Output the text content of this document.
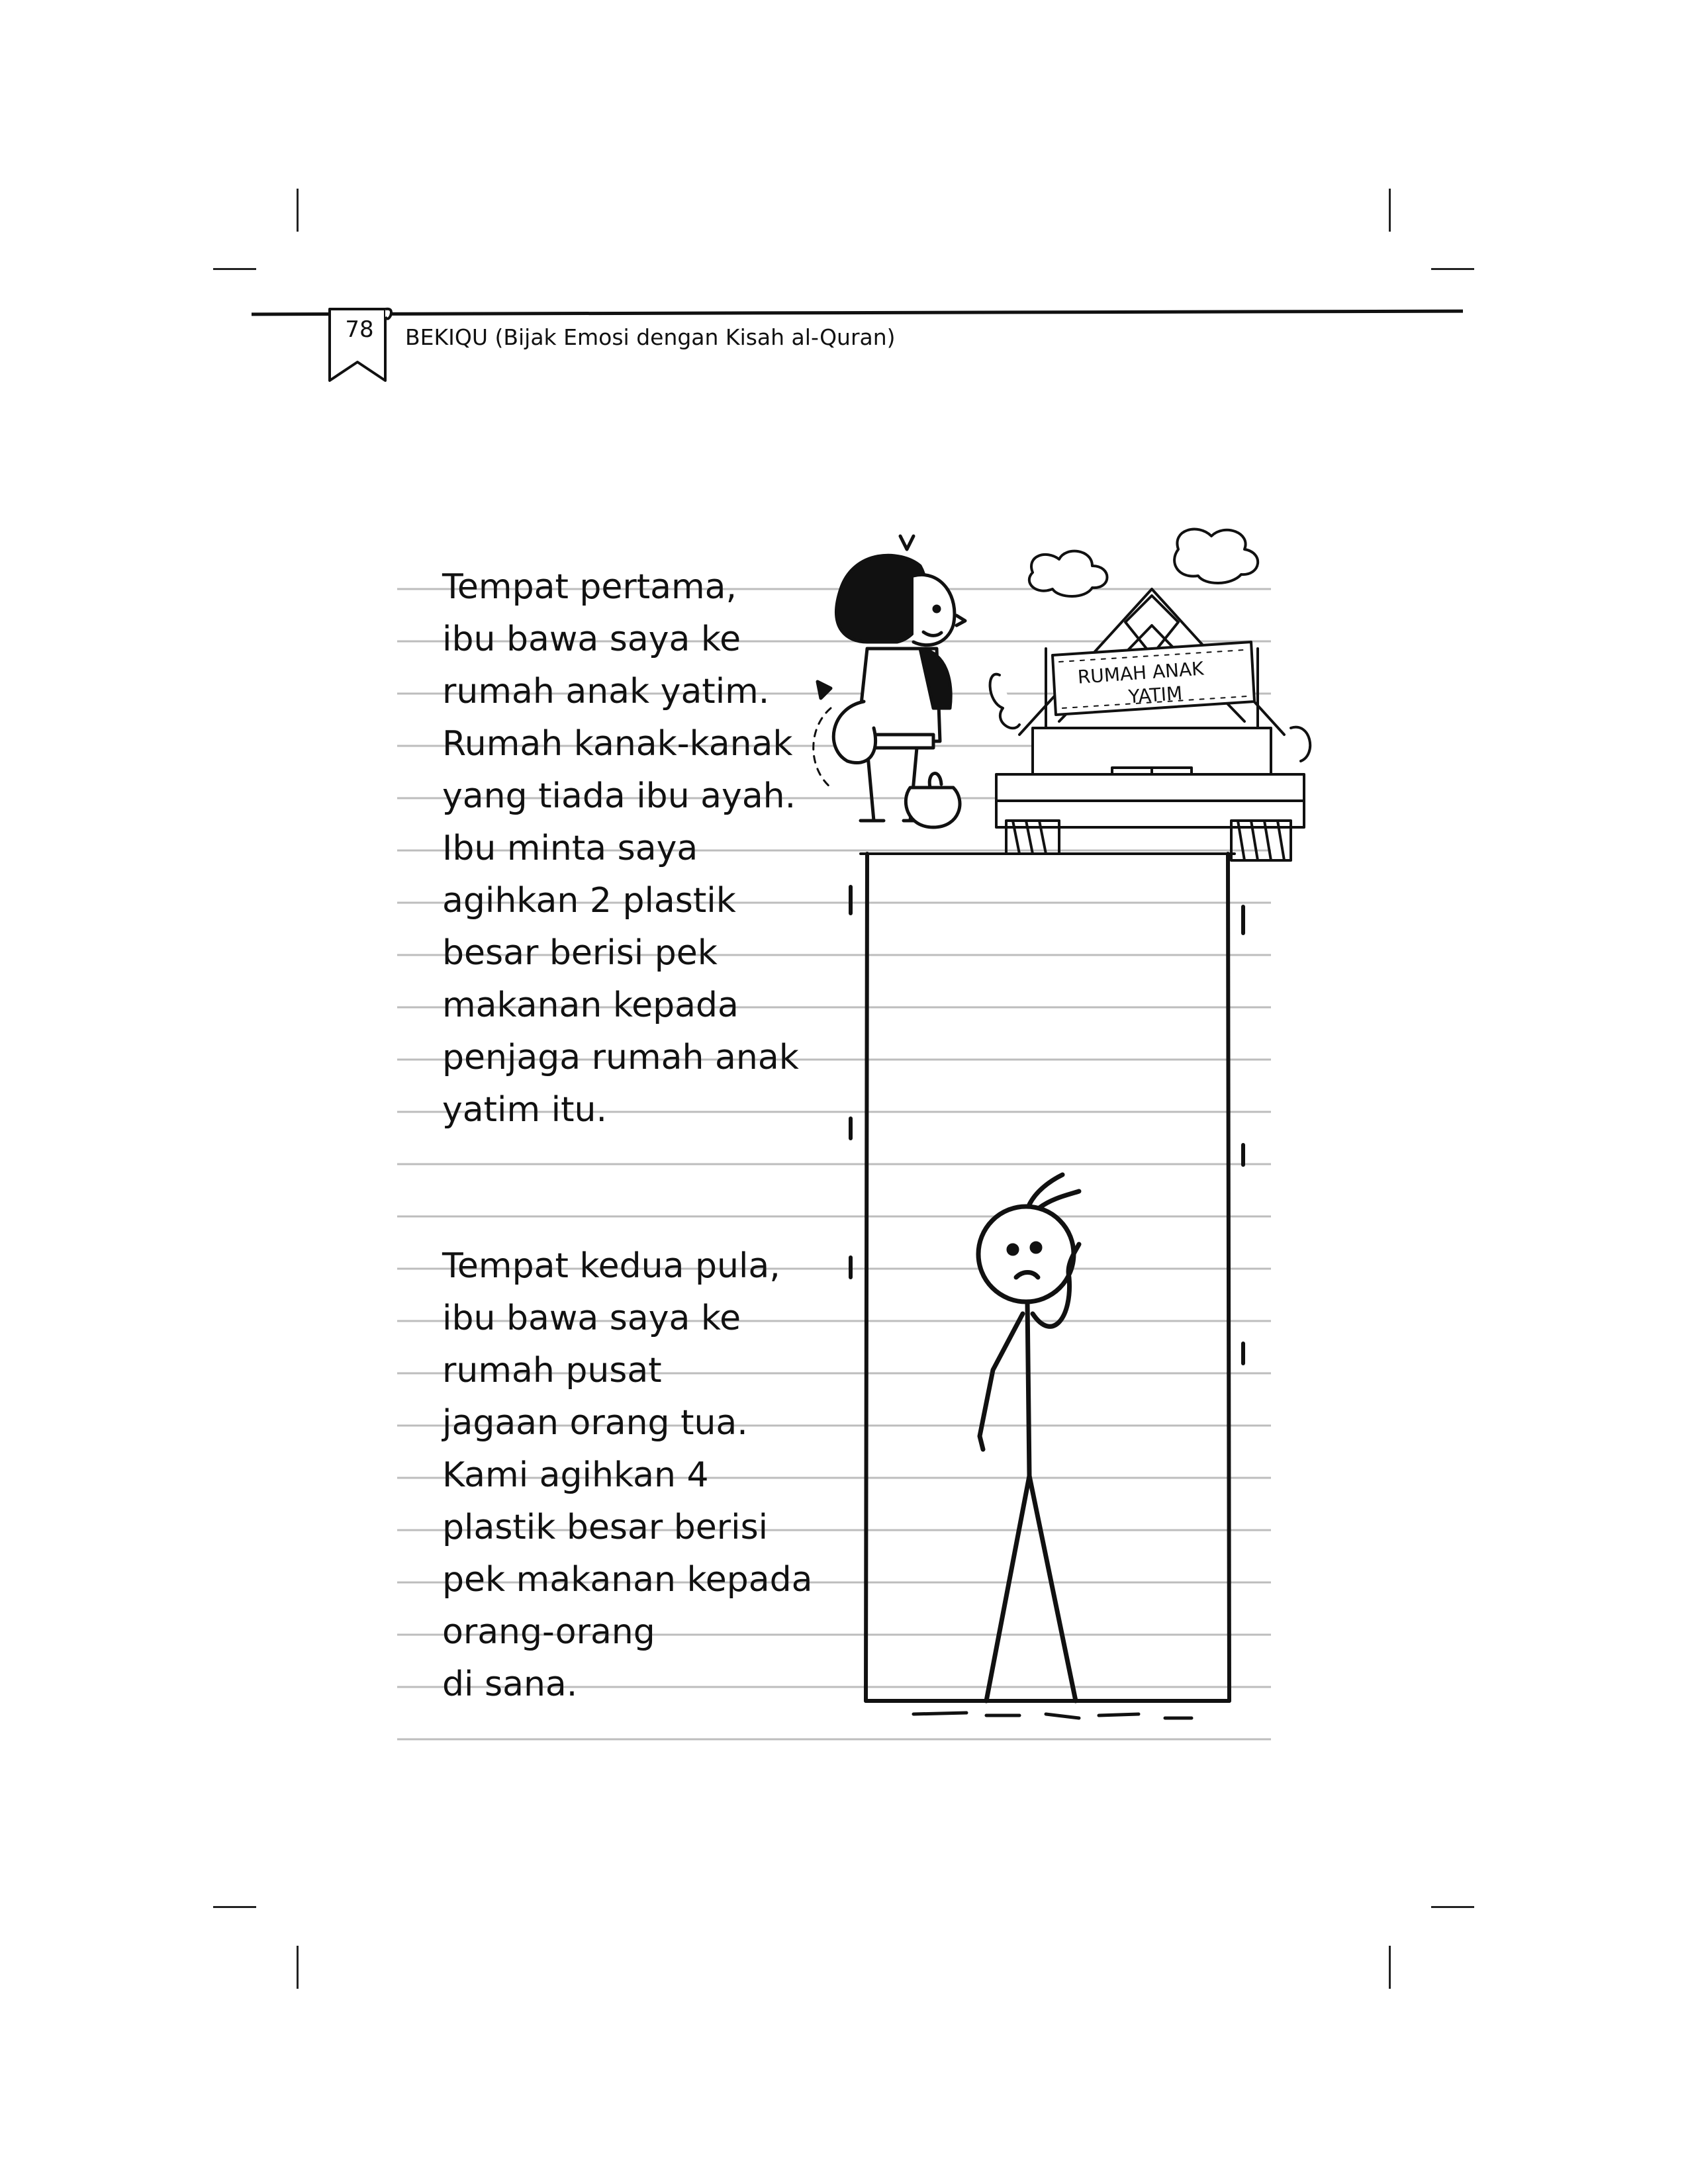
78	BEKIQU (Bijak Emosi dengan Kisah al-Quran)
Tempat pertama,
ibu bawa saya ke
rumah anak yatim.
Rumah kanak-kanak
yang tiada ibu ayah.
Ibu minta saya
agihkan 2 plastik
besar berisi pek
makanan kepada
penjaga rumah anak
yatim itu.
Tempat kedua pula,
ibu bawa saya ke
rumah pusat
jagaan orang tua.
Kami agihkan 4
plastik besar berisi
pek makanan kepada
orang-orang
di sana.
RUMAH ANAK
YATIM
